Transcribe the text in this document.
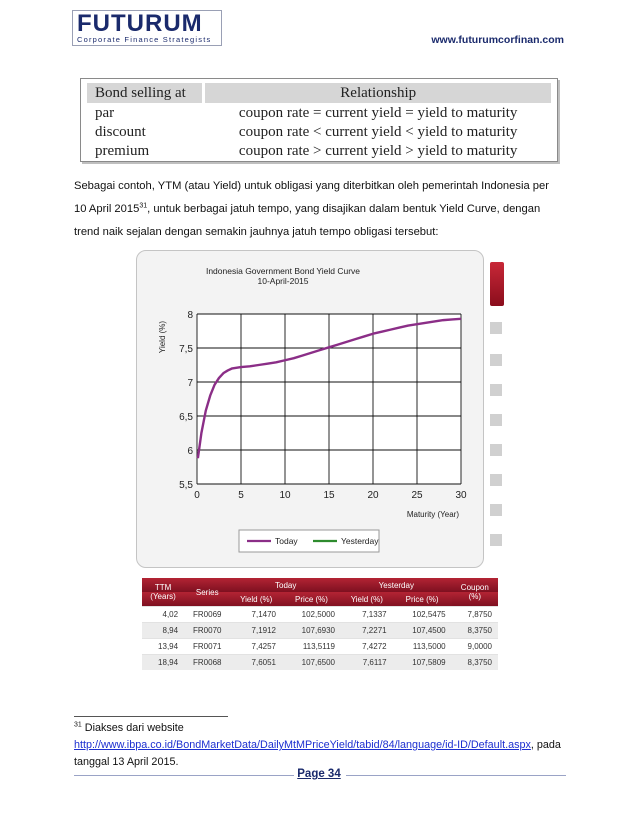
FUTURUM
Corporate Finance Strategists	www.futurumcorfinan.com
Bond selling at	Relationship
par	coupon rate = current yield = yield to maturity
discount	coupon rate < current yield < yield to maturity
premium	coupon rate > current yield > yield to maturity
Sebagai contoh, YTM (atau Yield) untuk obligasi yang diterbitkan oleh pemerintah Indonesia per
10 April 2015$^{31}$, untuk berbagai jatuh tempo, yang disajikan dalam bentuk Yield Curve, dengan
trend naik sejalan dengan semakin jauhnya jatuh tempo obligasi tersebut:
Indonesia Government Bond Yield Curve
10-April-2015
0	5	10	15	20	25	30
5,5
6
6,5
7
7,5
8
Yield (%)
Maturity (Year)
Today	Yesterday
TTM
(Years)	Series	Today		Yesterday		Coupon
(%)
		Yield (%)	Price (%)	Yield (%)	Price (%)	
4,02	FR0069	7,1470	102,5000	7,1337	102,5475	7,8750
8,94	FR0070	7,1912	107,6930	7,2271	107,4500	8,3750
13,94	FR0071	7,4257	113,5119	7,4272	113,5000	9,0000
18,94	FR0068	7,6051	107,6500	7,6117	107,5809	8,3750
$^{31}$ Diakses dari website http://www.ibpa.co.id/BondMarketData/DailyMtMPriceYield/tabid/84/language/id-ID/Default.aspx, pada tanggal 13 April 2015.
Page 34
